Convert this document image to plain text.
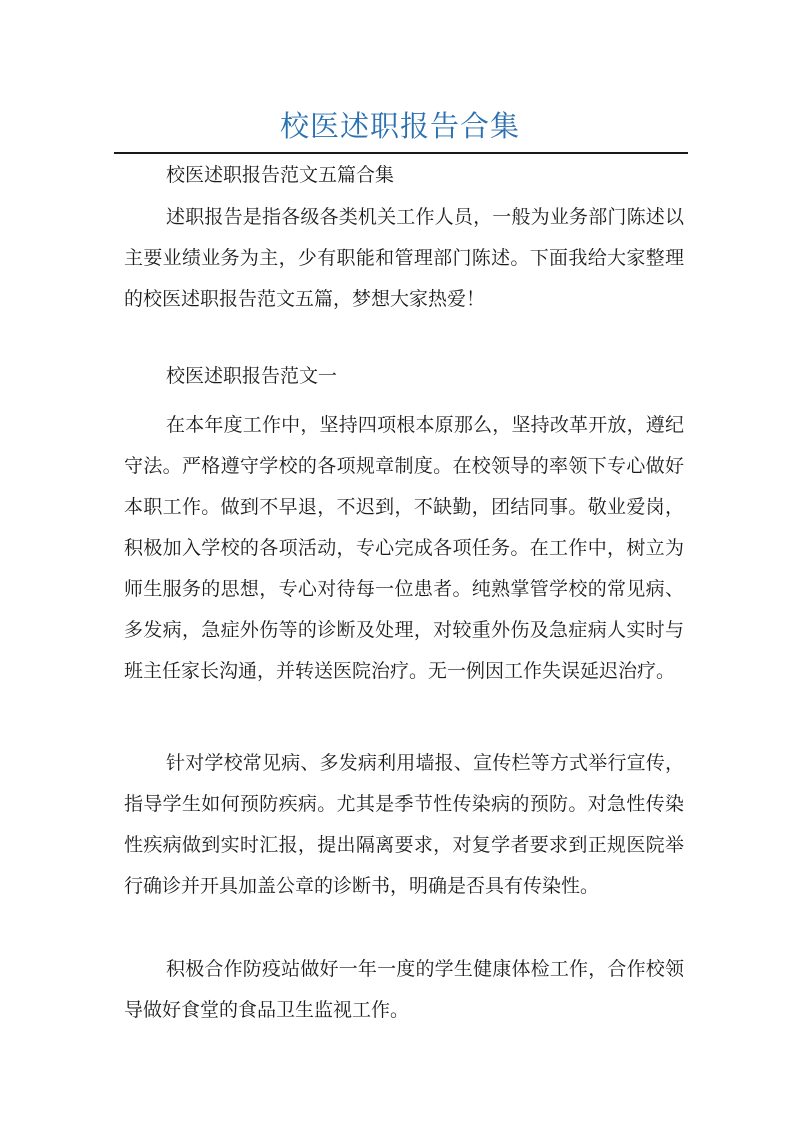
校医述职报告合集
校医述职报告范文五篇合集

述职报告是指各级各类机关工作人员，一般为业务部门陈述以主要业绩业务为主，少有职能和管理部门陈述。下面我给大家整理的校医述职报告范文五篇，梦想大家热爱！

校医述职报告范文一

在本年度工作中，坚持四项根本原那么，坚持改革开放，遵纪守法。严格遵守学校的各项规章制度。在校领导的率领下专心做好本职工作。做到不早退，不迟到，不缺勤，团结同事。敬业爱岗，积极加入学校的各项活动，专心完成各项任务。在工作中，树立为师生服务的思想，专心对待每一位患者。纯熟掌管学校的常见病、多发病，急症外伤等的诊断及处理，对较重外伤及急症病人实时与班主任家长沟通，并转送医院治疗。无一例因工作失误延迟治疗。

针对学校常见病、多发病利用墙报、宣传栏等方式举行宣传，指导学生如何预防疾病。尤其是季节性传染病的预防。对急性传染性疾病做到实时汇报，提出隔离要求，对复学者要求到正规医院举行确诊并开具加盖公章的诊断书，明确是否具有传染性。

积极合作防疫站做好一年一度的学生健康体检工作，合作校领导做好食堂的食品卫生监视工作。
